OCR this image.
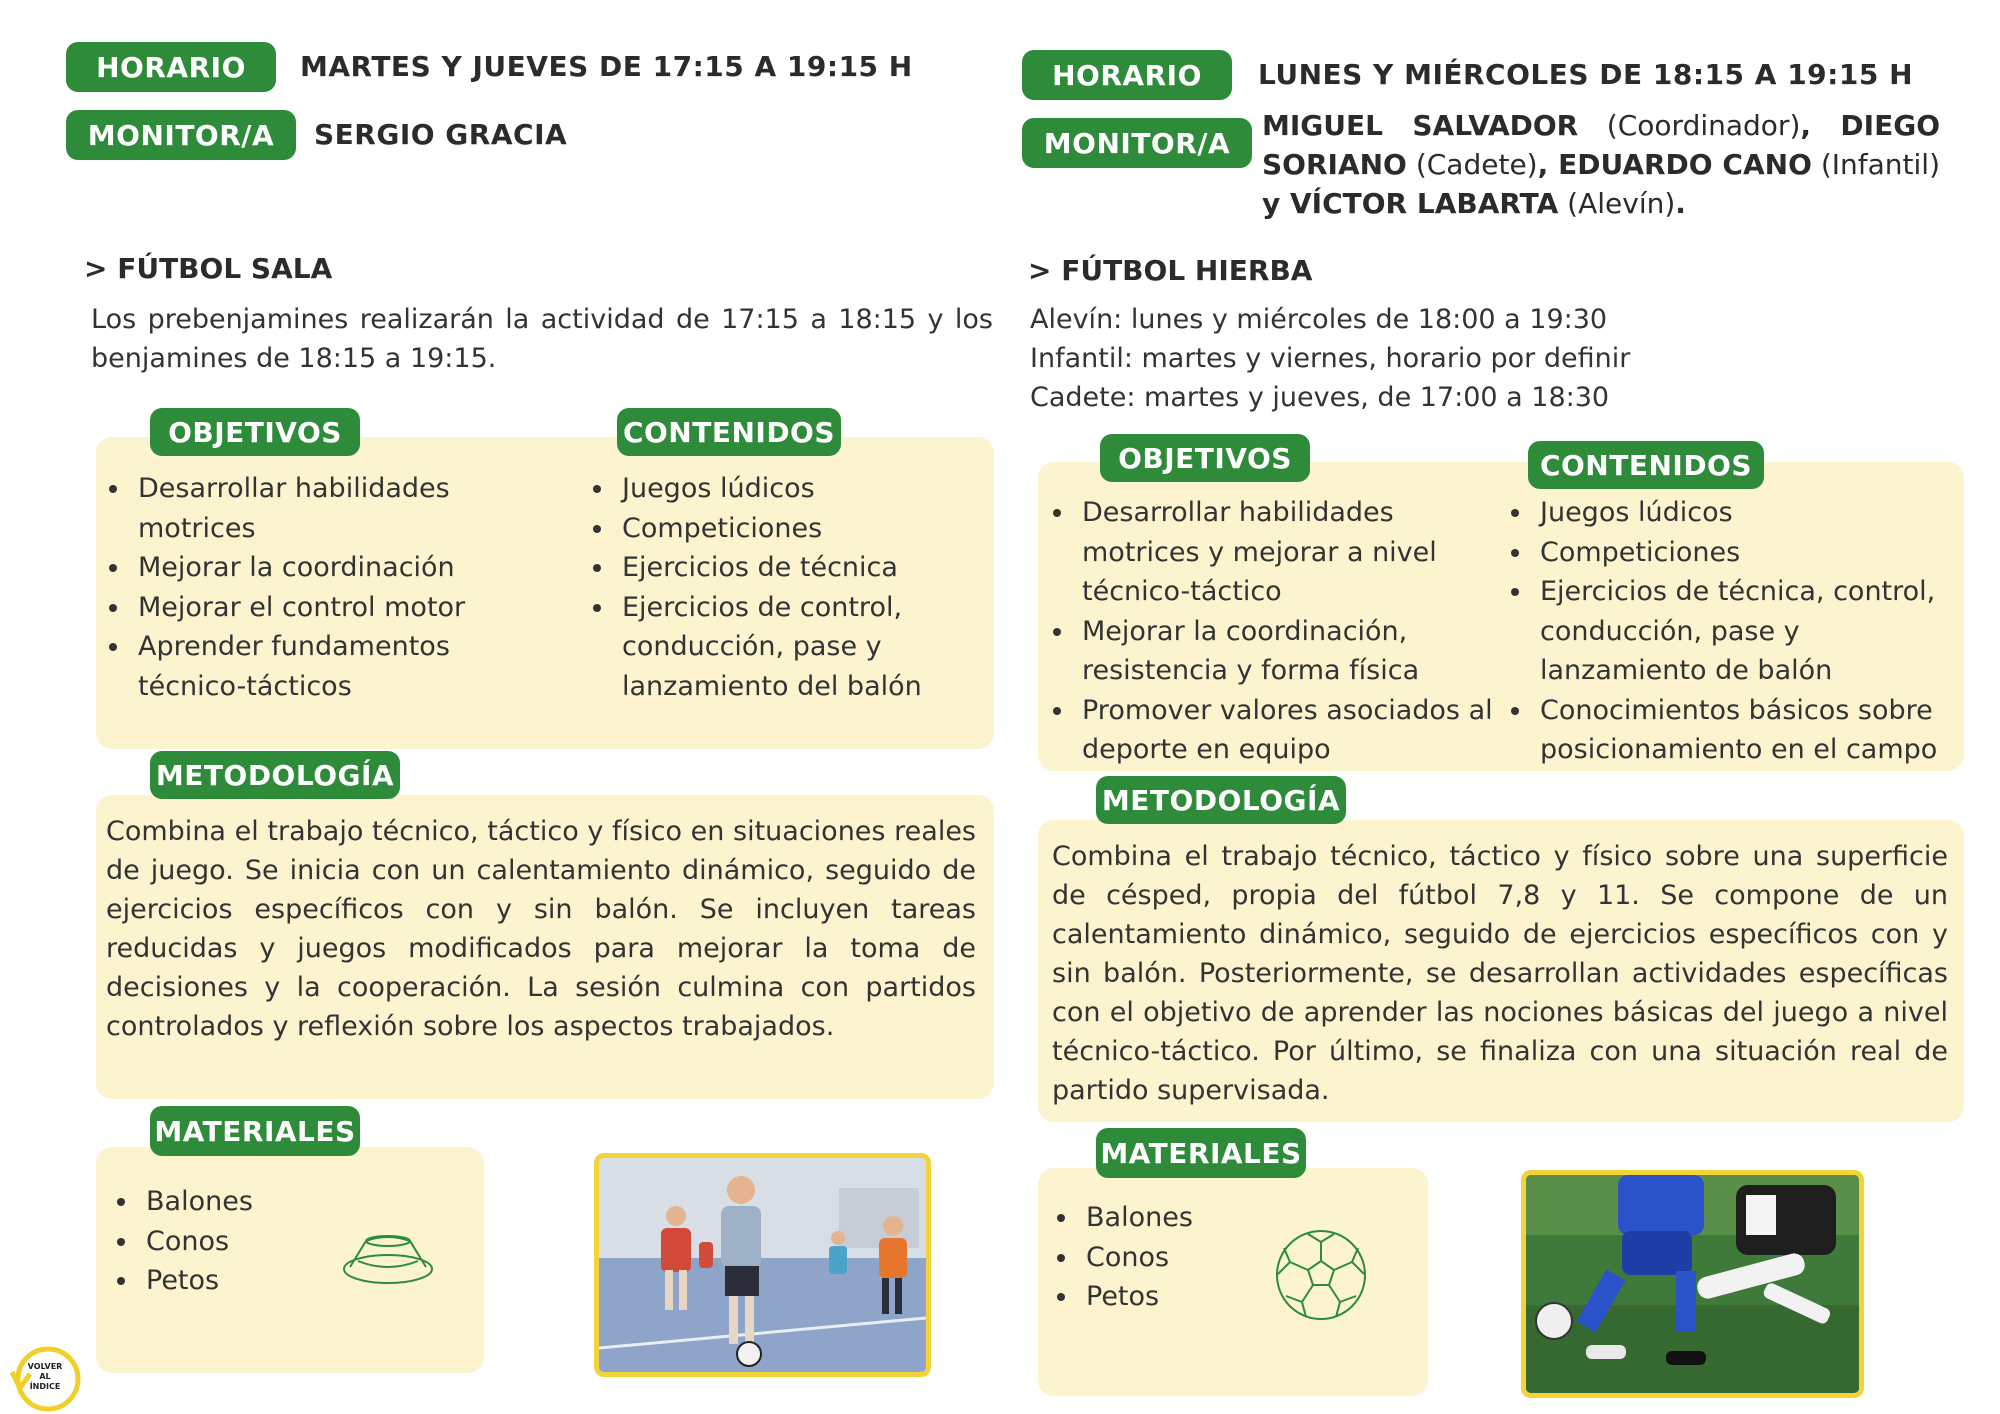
HORARIO	MARTES Y JUEVES DE 17:15 A 19:15 H
MONITOR/A	SERGIO GRACIA
> FÚTBOL SALA
Los prebenjamines realizarán la actividad de 17:15 a 18:15 y los benjamines de 18:15 a 19:15.
OBJETIVOS	CONTENIDOS
• Desarrollar habilidades motrices
• Mejorar la coordinación
• Mejorar el control motor
• Aprender fundamentos técnico-tácticos
• Juegos lúdicos
• Competiciones
• Ejercicios de técnica
• Ejercicios de control, conducción, pase y lanzamiento del balón
METODOLOGÍA
Combina el trabajo técnico, táctico y físico en situaciones reales de juego. Se inicia con un calentamiento dinámico, seguido de ejercicios específicos con y sin balón. Se incluyen tareas reducidas y juegos modificados para mejorar la toma de decisiones y la cooperación. La sesión culmina con partidos controlados y reflexión sobre los aspectos trabajados.
MATERIALES
• Balones
• Conos
• Petos
HORARIO	LUNES Y MIÉRCOLES DE 18:15 A 19:15 H
MONITOR/A
MIGUEL SALVADOR (Coordinador), DIEGO SORIANO (Cadete), EDUARDO CANO (Infantil) y VÍCTOR LABARTA (Alevín).
> FÚTBOL HIERBA
Alevín: lunes y miércoles de 18:00 a 19:30
Infantil: martes y viernes, horario por definir
Cadete: martes y jueves, de 17:00 a 18:30
OBJETIVOS	CONTENIDOS
• Desarrollar habilidades motrices y mejorar a nivel técnico-táctico
• Mejorar la coordinación, resistencia y forma física
• Promover valores asociados al deporte en equipo
• Juegos lúdicos
• Competiciones
• Ejercicios de técnica, control, conducción, pase y lanzamiento de balón
• Conocimientos básicos sobre posicionamiento en el campo
METODOLOGÍA
Combina el trabajo técnico, táctico y físico sobre una superficie de césped, propia del fútbol 7,8 y 11. Se compone de un calentamiento dinámico, seguido de ejercicios específicos con y sin balón. Posteriormente, se desarrollan actividades específicas con el objetivo de aprender las nociones básicas del juego a nivel técnico-táctico. Por último, se finaliza con una situación real de partido supervisada.
MATERIALES
• Balones
• Conos
• Petos
VOLVER
AL
ÍNDICE
